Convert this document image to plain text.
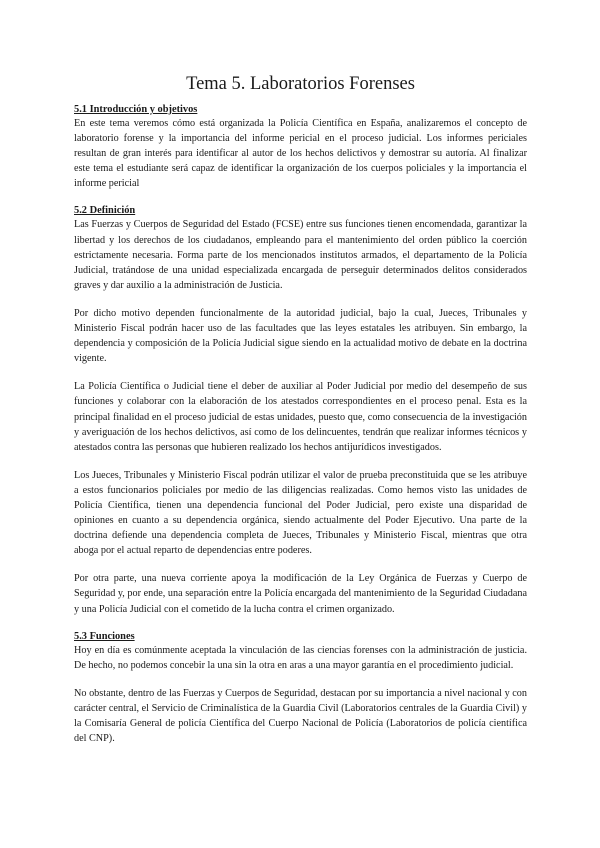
Tema 5. Laboratorios Forenses

5.1 Introducción y objetivos

En este tema veremos cómo está organizada la Policía Científica en España, analizaremos el concepto de laboratorio forense y la importancia del informe pericial en el proceso judicial. Los informes periciales resultan de gran interés para identificar al autor de los hechos delictivos y demostrar su autoría. Al finalizar este tema el estudiante será capaz de identificar la organización de los cuerpos policiales y la importancia el informe pericial

5.2 Definición

Las Fuerzas y Cuerpos de Seguridad del Estado (FCSE) entre sus funciones tienen encomendada, garantizar la libertad y los derechos de los ciudadanos, empleando para el mantenimiento del orden público la coerción estrictamente necesaria. Forma parte de los mencionados institutos armados, el departamento de la Policía Judicial, tratándose de una unidad especializada encargada de perseguir determinados delitos considerados graves y dar auxilio a la administración de Justicia.

Por dicho motivo dependen funcionalmente de la autoridad judicial, bajo la cual, Jueces, Tribunales y Ministerio Fiscal podrán hacer uso de las facultades que las leyes estatales les atribuyen. Sin embargo, la dependencia y composición de la Policía Judicial sigue siendo en la actualidad motivo de debate en la doctrina vigente.

La Policía Científica o Judicial tiene el deber de auxiliar al Poder Judicial por medio del desempeño de sus funciones y colaborar con la elaboración de los atestados correspondientes en el proceso penal. Esta es la principal finalidad en el proceso judicial de estas unidades, puesto que, como consecuencia de la investigación y averiguación de los hechos delictivos, así como de los delincuentes, tendrán que realizar informes técnicos y atestados contra las personas que hubieren realizado los hechos antijurídicos investigados.

Los Jueces, Tribunales y Ministerio Fiscal podrán utilizar el valor de prueba preconstituida que se les atribuye a estos funcionarios policiales por medio de las diligencias realizadas. Como hemos visto las unidades de Policía Científica, tienen una dependencia funcional del Poder Judicial, pero existe una disparidad de opiniones en cuanto a su dependencia orgánica, siendo actualmente del Poder Ejecutivo. Una parte de la doctrina defiende una dependencia completa de Jueces, Tribunales y Ministerio Fiscal, mientras que otra aboga por el actual reparto de dependencias entre poderes.

Por otra parte, una nueva corriente apoya la modificación de la Ley Orgánica de Fuerzas y Cuerpo de Seguridad y, por ende, una separación entre la Policía encargada del mantenimiento de la Seguridad Ciudadana y una Policía Judicial con el cometido de la lucha contra el crimen organizado.

5.3 Funciones

Hoy en día es comúnmente aceptada la vinculación de las ciencias forenses con la administración de justicia. De hecho, no podemos concebir la una sin la otra en aras a una mayor garantía en el procedimiento judicial.

No obstante, dentro de las Fuerzas y Cuerpos de Seguridad, destacan por su importancia a nivel nacional y con carácter central, el Servicio de Criminalística de la Guardia Civil (Laboratorios centrales de la Guardia Civil) y la Comisaría General de policía Científica del Cuerpo Nacional de Policía (Laboratorios de policía científica del CNP).
